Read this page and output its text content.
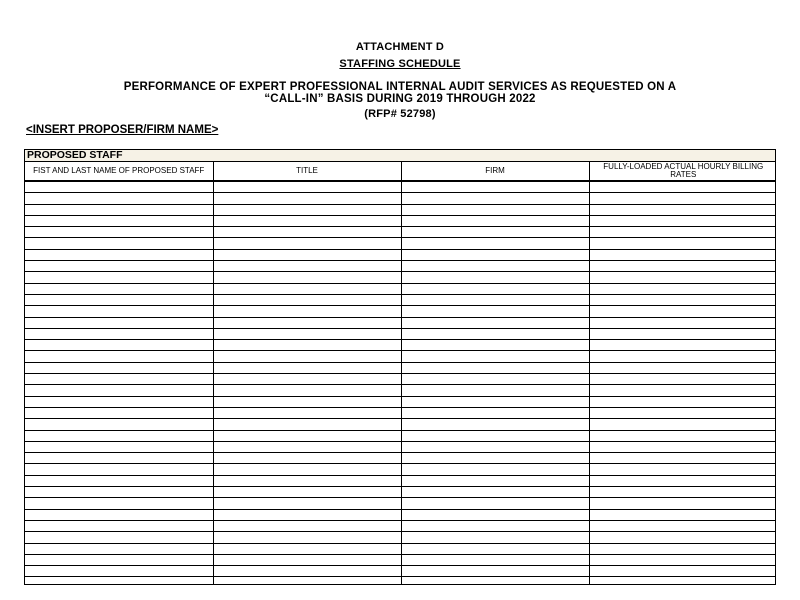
ATTACHMENT D

STAFFING SCHEDULE

PERFORMANCE OF EXPERT PROFESSIONAL INTERNAL AUDIT SERVICES AS REQUESTED ON A

“CALL-IN” BASIS DURING 2019 THROUGH 2022

(RFP# 52798)

<INSERT PROPOSER/FIRM NAME>

PROPOSED STAFF
FIST AND LAST NAME OF PROPOSED STAFF	TITLE	FIRM	FULLY-LOADED ACTUAL HOURLY BILLING RATES
